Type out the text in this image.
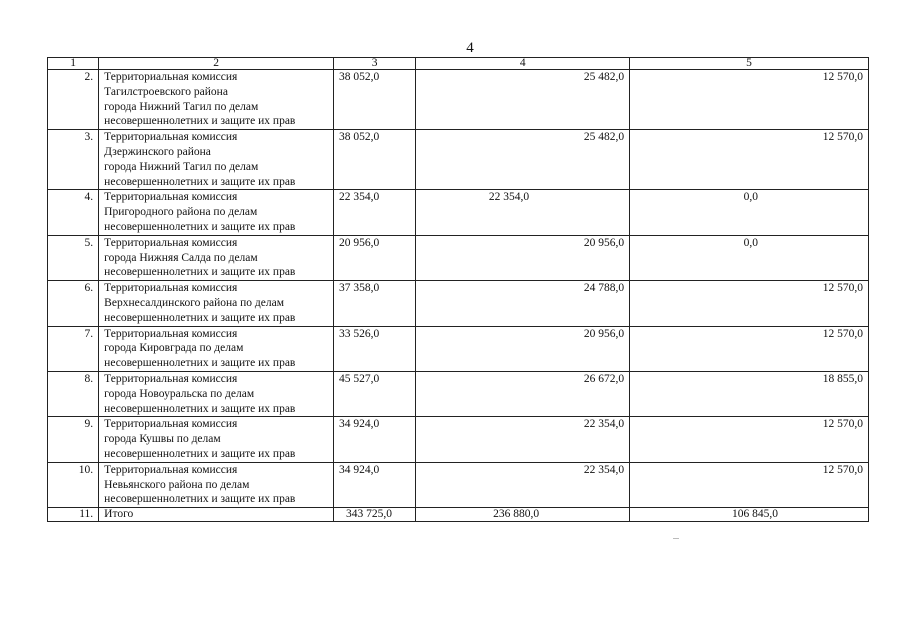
4
1	2	3	4	5
2.	Территориальная комиссия
Тагилстроевского района
города Нижний Тагил по делам
несовершеннолетних и защите их прав	38 052,0	25 482,0	12 570,0
3.	Территориальная комиссия
Дзержинского района
города Нижний Тагил по делам
несовершеннолетних и защите их прав	38 052,0	25 482,0	12 570,0
4.	Территориальная комиссия
Пригородного района по делам
несовершеннолетних и защите их прав	22 354,0	22 354,0	0,0
5.	Территориальная комиссия
города Нижняя Салда по делам
несовершеннолетних и защите их прав	20 956,0	20 956,0	0,0
6.	Территориальная комиссия
Верхнесалдинского района по делам
несовершеннолетних и защите их прав	37 358,0	24 788,0	12 570,0
7.	Территориальная комиссия
города Кировграда по делам
несовершеннолетних и защите их прав	33 526,0	20 956,0	12 570,0
8.	Территориальная комиссия
города Новоуральска по делам
несовершеннолетних и защите их прав	45 527,0	26 672,0	18 855,0
9.	Территориальная комиссия
города Кушвы по делам
несовершеннолетних и защите их прав	34 924,0	22 354,0	12 570,0
10.	Территориальная комиссия
Невьянского района по делам
несовершеннолетних и защите их прав	34 924,0	22 354,0	12 570,0
11.	Итого	343 725,0	236 880,0	106 845,0
